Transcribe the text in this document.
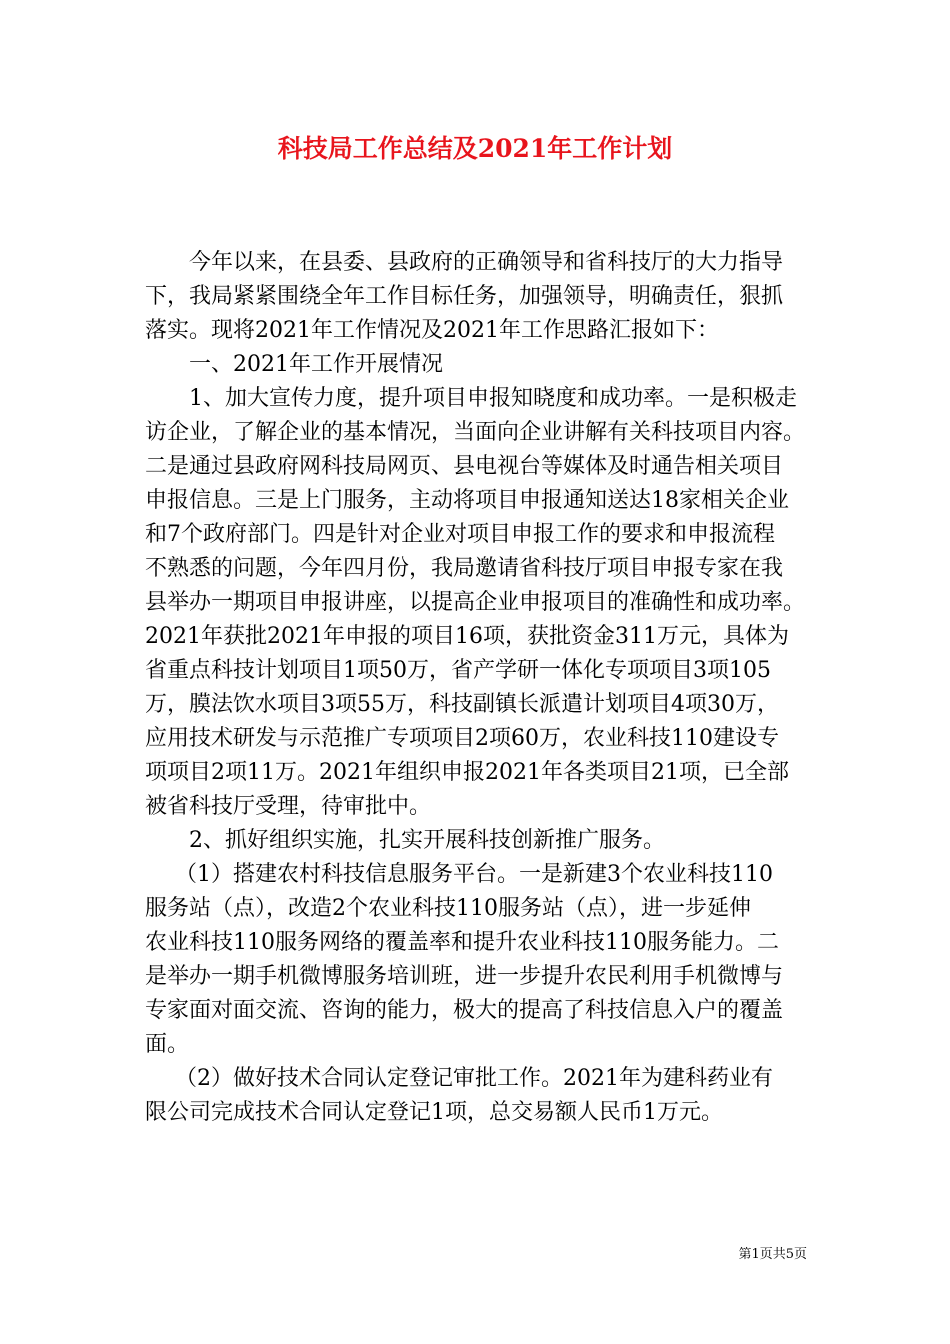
科技局工作总结及2021年工作计划
今年以来，在县委、县政府的正确领导和省科技厅的大力指导
下，我局紧紧围绕全年工作目标任务，加强领导，明确责任，狠抓
落实。现将2021年工作情况及2021年工作思路汇报如下：
一、2021年工作开展情况
1、加大宣传力度，提升项目申报知晓度和成功率。一是积极走
访企业，了解企业的基本情况，当面向企业讲解有关科技项目内容。
二是通过县政府网科技局网页、县电视台等媒体及时通告相关项目
申报信息。三是上门服务，主动将项目申报通知送达18家相关企业
和7个政府部门。四是针对企业对项目申报工作的要求和申报流程
不熟悉的问题，今年四月份，我局邀请省科技厅项目申报专家在我
县举办一期项目申报讲座，以提高企业申报项目的准确性和成功率。
2021年获批2021年申报的项目16项，获批资金311万元，具体为
省重点科技计划项目1项50万，省产学研一体化专项项目3项105
万，膜法饮水项目3项55万，科技副镇长派遣计划项目4项30万，
应用技术研发与示范推广专项项目2项60万，农业科技110建设专
项项目2项11万。2021年组织申报2021年各类项目21项，已全部
被省科技厅受理，待审批中。
2、抓好组织实施，扎实开展科技创新推广服务。
（1）搭建农村科技信息服务平台。一是新建3个农业科技110
服务站（点），改造2个农业科技110服务站（点），进一步延伸
农业科技110服务网络的覆盖率和提升农业科技110服务能力。二
是举办一期手机微博服务培训班，进一步提升农民利用手机微博与
专家面对面交流、咨询的能力，极大的提高了科技信息入户的覆盖
面。
（2）做好技术合同认定登记审批工作。2021年为建科药业有
限公司完成技术合同认定登记1项，总交易额人民币1万元。
第1页共5页
